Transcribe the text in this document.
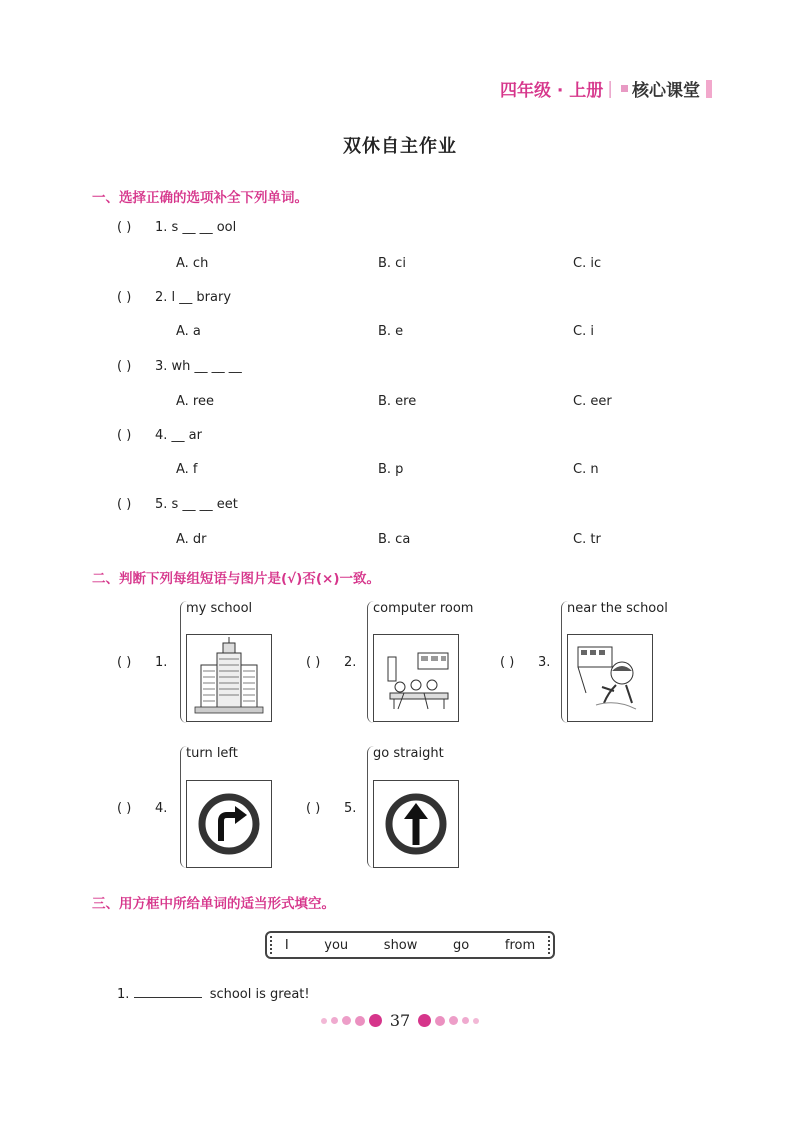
四年级 · 上册 | 核心课堂
双休自主作业
一、选择正确的选项补全下列单词。
( ) 1. s __ __ ool
A. ch	B. ci	C. ic
( ) 2. l __ brary
A. a	B. e	C. i
( ) 3. wh __ __ __
A. ree	B. ere	C. eer
( ) 4. __ ar
A. f	B. p	C. n
( ) 5. s __ __ eet
A. dr	B. ca	C. tr
二、判断下列每组短语与图片是(√)否(×)一致。
( ) 1.
my school
( ) 2.
computer room
( ) 3.
near the school
( ) 4.
turn left
( ) 5.
go straight
三、用方框中所给单词的适当形式填空。
I	you	show	go	from
1.	school is great!
37
